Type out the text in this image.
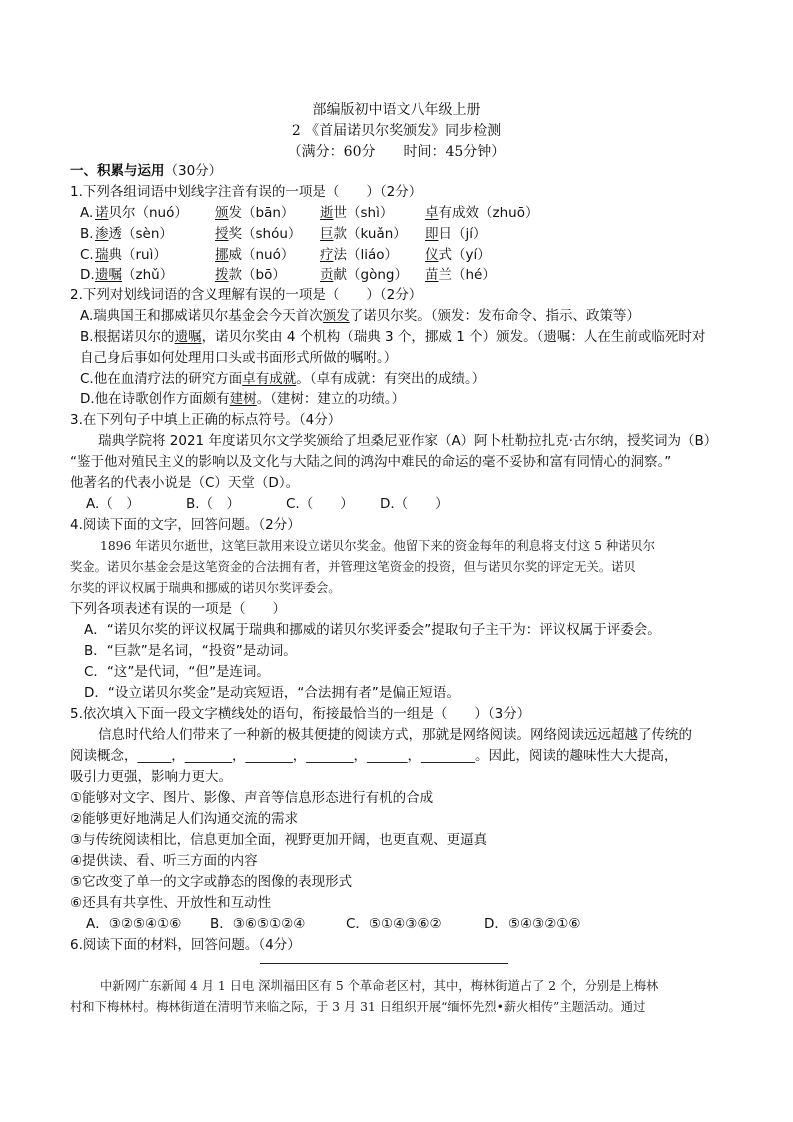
部编版初中语文八年级上册
2 《首届诺贝尔奖颁发》同步检测
（满分：60分　　时间：45分钟）
一、积累与运用（30分）
1.下列各组词语中划线字注音有误的一项是（　　）（2分）
A. 诺贝尔（nuó） 颁发（bān） 逝世（shì） 卓有成效（zhuō）
B. 渗透（sèn）	授奖（shóu） 巨款（kuǎn） 即日（jí）
C. 瑞典（ruì）	挪威（nuó） 疗法（liáo） 仪式（yí）
D. 遗嘱（zhǔ）	拨款（bō）	贡献（gòng） 苗兰（hé）
2.下列对划线词语的含义理解有误的一项是（　　）（2分）
A.瑞典国王和挪威诺贝尔基金会今天首次颁发了诺贝尔奖。（颁发：发布命令、指示、政策等）
B.根据诺贝尔的遗嘱，诺贝尔奖由 4 个机构（瑞典 3 个，挪威 1 个）颁发。（遗嘱：人在生前或临死时对
自己身后事如何处理用口头或书面形式所做的嘱咐。）
C.他在血清疗法的研究方面卓有成就。（卓有成就：有突出的成绩。）
D.他在诗歌创作方面颇有建树。（建树：建立的功绩。）
3.在下列句子中填上正确的标点符号。（4分）
瑞典学院将 2021 年度诺贝尔文学奖颁给了坦桑尼亚作家（A）阿卜杜勒拉扎克·古尔纳，授奖词为（B）
“鉴于他对殖民主义的影响以及文化与大陆之间的鸿沟中难民的命运的毫不妥协和富有同情心的洞察。”
他著名的代表小说是（C）天堂（D）。
A.（　）	B.（　）	C.（　　） D.（　　）
4.阅读下面的文字，回答问题。（2分）
1896 年诺贝尔逝世，这笔巨款用来设立诺贝尔奖金。他留下来的资金每年的利息将支付这 5 种诺贝尔
奖金。诺贝尔基金会是这笔资金的合法拥有者，并管理这笔资金的投资，但与诺贝尔奖的评定无关。诺贝
尔奖的评议权属于瑞典和挪威的诺贝尔奖评委会。
下列各项表述有误的一项是（　　）
A．“诺贝尔奖的评议权属于瑞典和挪威的诺贝尔奖评委会”提取句子主干为：评议权属于评委会。
B．“巨款”是名词，“投资”是动词。
C．“这”是代词，“但”是连词。
D．“设立诺贝尔奖金”是动宾短语，“合法拥有者”是偏正短语。
5.依次填入下面一段文字横线处的语句，衔接最恰当的一组是（　　）（3分）
信息时代给人们带来了一种新的极其便捷的阅读方式，那就是网络阅读。网络阅读远远超越了传统的
阅读概念，_____，_______，_______，_______，______，________。因此，阅读的趣味性大大提高，
吸引力更强，影响力更大。
①能够对文字、图片、影像、声音等信息形态进行有机的合成
②能够更好地满足人们沟通交流的需求
③与传统阅读相比，信息更加全面，视野更加开阔，也更直观、更逼真
④提供读、看、听三方面的内容
⑤它改变了单一的文字或静态的图像的表现形式
⑥还具有共享性、开放性和互动性
A．③②⑤④①⑥ B．③⑥⑤①②④	C．⑤①④③⑥②	D．⑤④③②①⑥
6.阅读下面的材料，回答问题。（4分）
中新网广东新闻 4 月 1 日电 深圳福田区有 5 个革命老区村，其中，梅林街道占了 2 个，分别是上梅林
村和下梅林村。梅林街道在清明节来临之际，于 3 月 31 日组织开展“缅怀先烈•薪火相传”主题活动。通过
